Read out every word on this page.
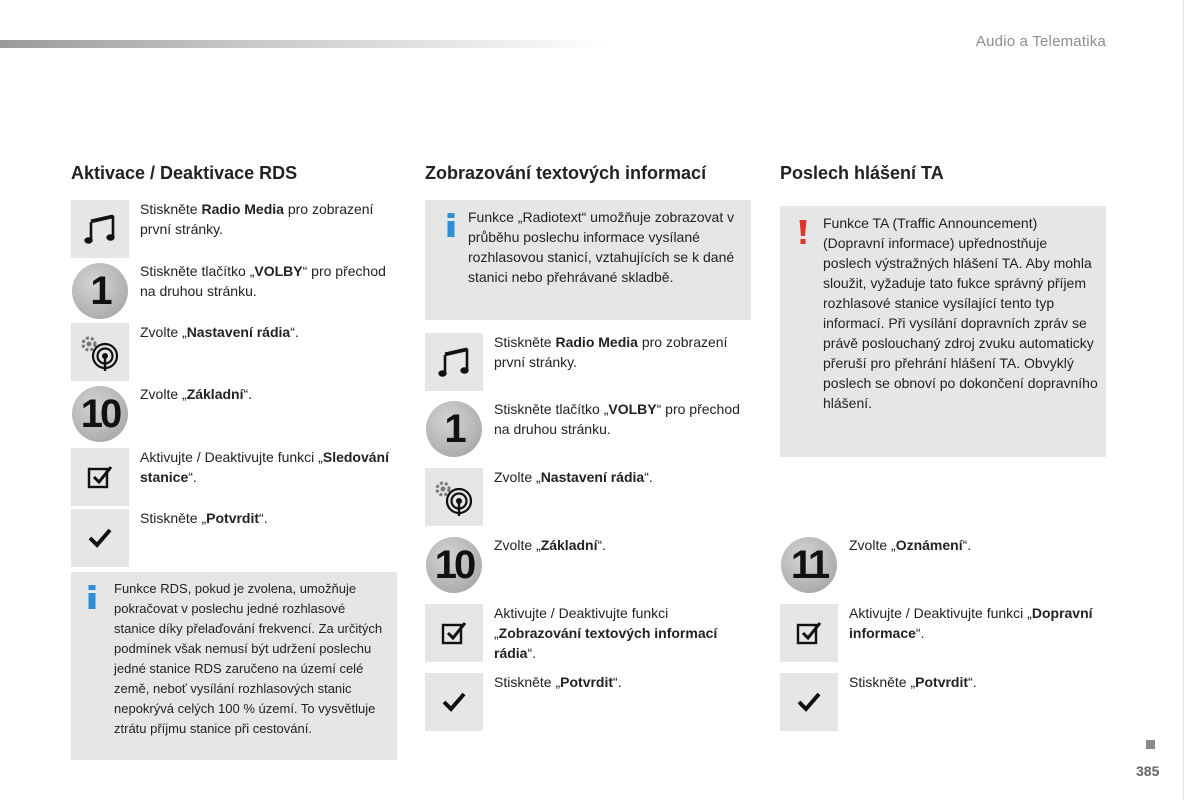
Audio a Telematika
Aktivace / Deaktivace RDS
Stiskněte Radio Media pro zobrazení první stránky.
1	Stiskněte tlačítko „VOLBY“ pro přechod na druhou stránku.
Zvolte „Nastavení rádia“.
10	Zvolte „Základní“.
Aktivujte / Deaktivujte funkci „Sledování stanice“.
Stiskněte „Potvrdit“.
Funkce RDS, pokud je zvolena, umožňuje pokračovat v poslechu jedné rozhlasové stanice díky přelaďování frekvencí. Za určitých podmínek však nemusí být udržení poslechu jedné stanice RDS zaručeno na území celé země, neboť vysílání rozhlasových stanic nepokrývá celých 100 % území. To vysvětluje ztrátu příjmu stanice při cestování.
Zobrazování textových informací
Funkce „Radiotext“ umožňuje zobrazovat v průběhu poslechu informace vysílané rozhlasovou stanicí, vztahujících se k dané stanici nebo přehrávané skladbě.
Stiskněte Radio Media pro zobrazení první stránky.
1	Stiskněte tlačítko „VOLBY“ pro přechod na druhou stránku.
Zvolte „Nastavení rádia“.
10	Zvolte „Základní“.
Aktivujte / Deaktivujte funkci „Zobrazování textových informací rádia“.
Stiskněte „Potvrdit“.
Poslech hlášení TA
Funkce TA (Traffic Announcement) (Dopravní informace) upřednostňuje poslech výstražných hlášení TA. Aby mohla sloužit, vyžaduje tato fukce správný příjem rozhlasové stanice vysílající tento typ informací. Při vysílání dopravních zpráv se právě poslouchaný zdroj zvuku automaticky přeruší pro přehrání hlášení TA. Obvyklý poslech se obnoví po dokončení dopravního hlášení.
11	Zvolte „Oznámení“.
Aktivujte / Deaktivujte funkci „Dopravní informace“.
Stiskněte „Potvrdit“.
385
